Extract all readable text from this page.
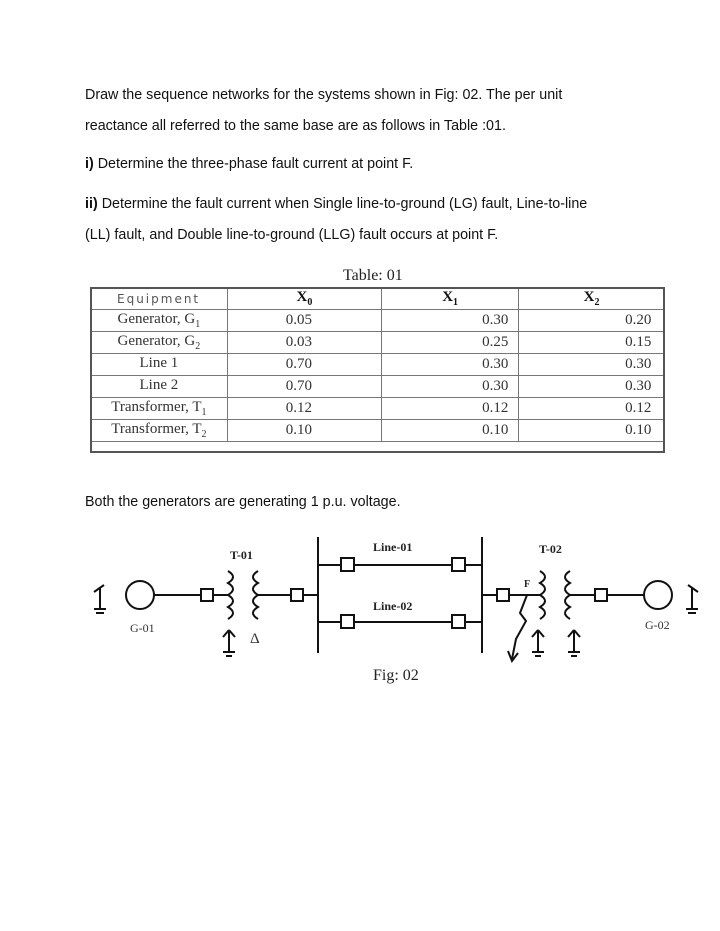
Draw the sequence networks for the systems shown in Fig: 02. The per unit
reactance all referred to the same base are as follows in Table :01.
i) Determine the three-phase fault current at point F.
ii) Determine the fault current when Single line-to-ground (LG) fault, Line-to-line
(LL) fault, and Double line-to-ground (LLG) fault occurs at point F.
Table: 01
Equipment	$X_0$	$X_1$	$X_2$
Generator, $G_1$	0.05	0.30	0.20
Generator, $G_2$	0.03	0.25	0.15
Line 1	0.70	0.30	0.30
Line 2	0.70	0.30	0.30
Transformer, $T_1$	0.12	0.12	0.12
Transformer, $T_2$	0.10	0.10	0.10
Both the generators are generating 1 p.u. voltage.
T-01
Line-01
Line-02
T-02
F
G-01	G-02
Δ
Fig: 02
